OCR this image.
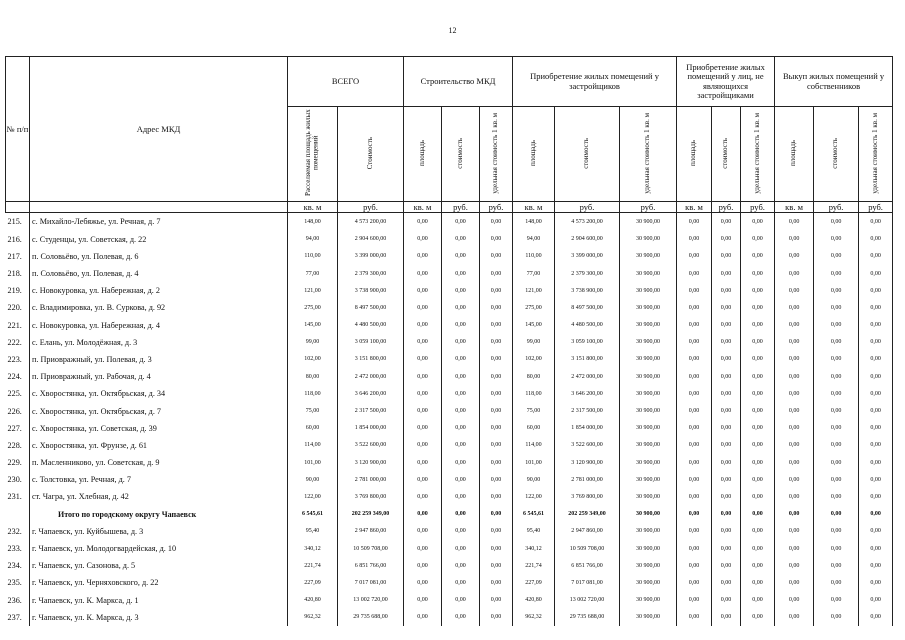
12
№ п/п	Адрес МКД	ВСЕГО		Строительство МКД			Приобретение жилых помещений у застройщиков			Приобретение жилых помещений у лиц, не являющихся застройщиками			Выкуп жилых помещений у собственников		
		Расселяемая площадь жилых помещений	Стоимость	площадь	стоимость	удельная стоимость 1 кв. м	площадь	стоимость	удельная стоимость 1 кв. м	площадь	стоимость	удельная стоимость 1 кв. м	площадь	стоимость	удельная стоимость 1 кв. м
		кв. м	руб.	кв. м	руб.	руб.	кв. м	руб.	руб.	кв. м	руб.	руб.	кв. м	руб.	руб.
215.	с. Михайло-Лебяжье, ул. Речная, д. 7	148,00	4 573 200,00	0,00	0,00	0,00	148,00	4 573 200,00	30 900,00	0,00	0,00	0,00	0,00	0,00	0,00
216.	с. Студенцы, ул. Советская, д. 22	94,00	2 904 600,00	0,00	0,00	0,00	94,00	2 904 600,00	30 900,00	0,00	0,00	0,00	0,00	0,00	0,00
217.	п. Соловьёво, ул. Полевая, д. 6	110,00	3 399 000,00	0,00	0,00	0,00	110,00	3 399 000,00	30 900,00	0,00	0,00	0,00	0,00	0,00	0,00
218.	п. Соловьёво, ул. Полевая, д. 4	77,00	2 379 300,00	0,00	0,00	0,00	77,00	2 379 300,00	30 900,00	0,00	0,00	0,00	0,00	0,00	0,00
219.	с. Новокуровка, ул. Набережная, д. 2	121,00	3 738 900,00	0,00	0,00	0,00	121,00	3 738 900,00	30 900,00	0,00	0,00	0,00	0,00	0,00	0,00
220.	с. Владимировка, ул. В. Суркова, д. 92	275,00	8 497 500,00	0,00	0,00	0,00	275,00	8 497 500,00	30 900,00	0,00	0,00	0,00	0,00	0,00	0,00
221.	с. Новокуровка, ул. Набережная, д. 4	145,00	4 480 500,00	0,00	0,00	0,00	145,00	4 480 500,00	30 900,00	0,00	0,00	0,00	0,00	0,00	0,00
222.	с. Елань, ул. Молодёжная, д. 3	99,00	3 059 100,00	0,00	0,00	0,00	99,00	3 059 100,00	30 900,00	0,00	0,00	0,00	0,00	0,00	0,00
223.	п. Приовражный, ул. Полевая, д. 3	102,00	3 151 800,00	0,00	0,00	0,00	102,00	3 151 800,00	30 900,00	0,00	0,00	0,00	0,00	0,00	0,00
224.	п. Приовражный, ул. Рабочая, д. 4	80,00	2 472 000,00	0,00	0,00	0,00	80,00	2 472 000,00	30 900,00	0,00	0,00	0,00	0,00	0,00	0,00
225.	с. Хворостянка, ул. Октябрьская, д. 34	118,00	3 646 200,00	0,00	0,00	0,00	118,00	3 646 200,00	30 900,00	0,00	0,00	0,00	0,00	0,00	0,00
226.	с. Хворостянка, ул. Октябрьская, д. 7	75,00	2 317 500,00	0,00	0,00	0,00	75,00	2 317 500,00	30 900,00	0,00	0,00	0,00	0,00	0,00	0,00
227.	с. Хворостянка, ул. Советская, д. 39	60,00	1 854 000,00	0,00	0,00	0,00	60,00	1 854 000,00	30 900,00	0,00	0,00	0,00	0,00	0,00	0,00
228.	с. Хворостянка, ул. Фрунзе, д. 61	114,00	3 522 600,00	0,00	0,00	0,00	114,00	3 522 600,00	30 900,00	0,00	0,00	0,00	0,00	0,00	0,00
229.	п. Масленниково, ул. Советская, д. 9	101,00	3 120 900,00	0,00	0,00	0,00	101,00	3 120 900,00	30 900,00	0,00	0,00	0,00	0,00	0,00	0,00
230.	с. Толстовка, ул. Речная, д. 7	90,00	2 781 000,00	0,00	0,00	0,00	90,00	2 781 000,00	30 900,00	0,00	0,00	0,00	0,00	0,00	0,00
231.	ст. Чагра, ул. Хлебная, д. 42	122,00	3 769 800,00	0,00	0,00	0,00	122,00	3 769 800,00	30 900,00	0,00	0,00	0,00	0,00	0,00	0,00
	Итого по городскому округу Чапаевск	6 545,61	202 259 349,00	0,00	0,00	0,00	6 545,61	202 259 349,00	30 900,00	0,00	0,00	0,00	0,00	0,00	0,00
232.	г. Чапаевск, ул. Куйбышева, д. 3	95,40	2 947 860,00	0,00	0,00	0,00	95,40	2 947 860,00	30 900,00	0,00	0,00	0,00	0,00	0,00	0,00
233.	г. Чапаевск, ул. Молодогвардейская, д. 10	340,12	10 509 708,00	0,00	0,00	0,00	340,12	10 509 708,00	30 900,00	0,00	0,00	0,00	0,00	0,00	0,00
234.	г. Чапаевск, ул. Сазонова, д. 5	221,74	6 851 766,00	0,00	0,00	0,00	221,74	6 851 766,00	30 900,00	0,00	0,00	0,00	0,00	0,00	0,00
235.	г. Чапаевск, ул. Черняховского, д. 22	227,09	7 017 081,00	0,00	0,00	0,00	227,09	7 017 081,00	30 900,00	0,00	0,00	0,00	0,00	0,00	0,00
236.	г. Чапаевск, ул. К. Маркса, д. 1	420,80	13 002 720,00	0,00	0,00	0,00	420,80	13 002 720,00	30 900,00	0,00	0,00	0,00	0,00	0,00	0,00
237.	г. Чапаевск, ул. К. Маркса, д. 3	962,32	29 735 688,00	0,00	0,00	0,00	962,32	29 735 688,00	30 900,00	0,00	0,00	0,00	0,00	0,00	0,00
